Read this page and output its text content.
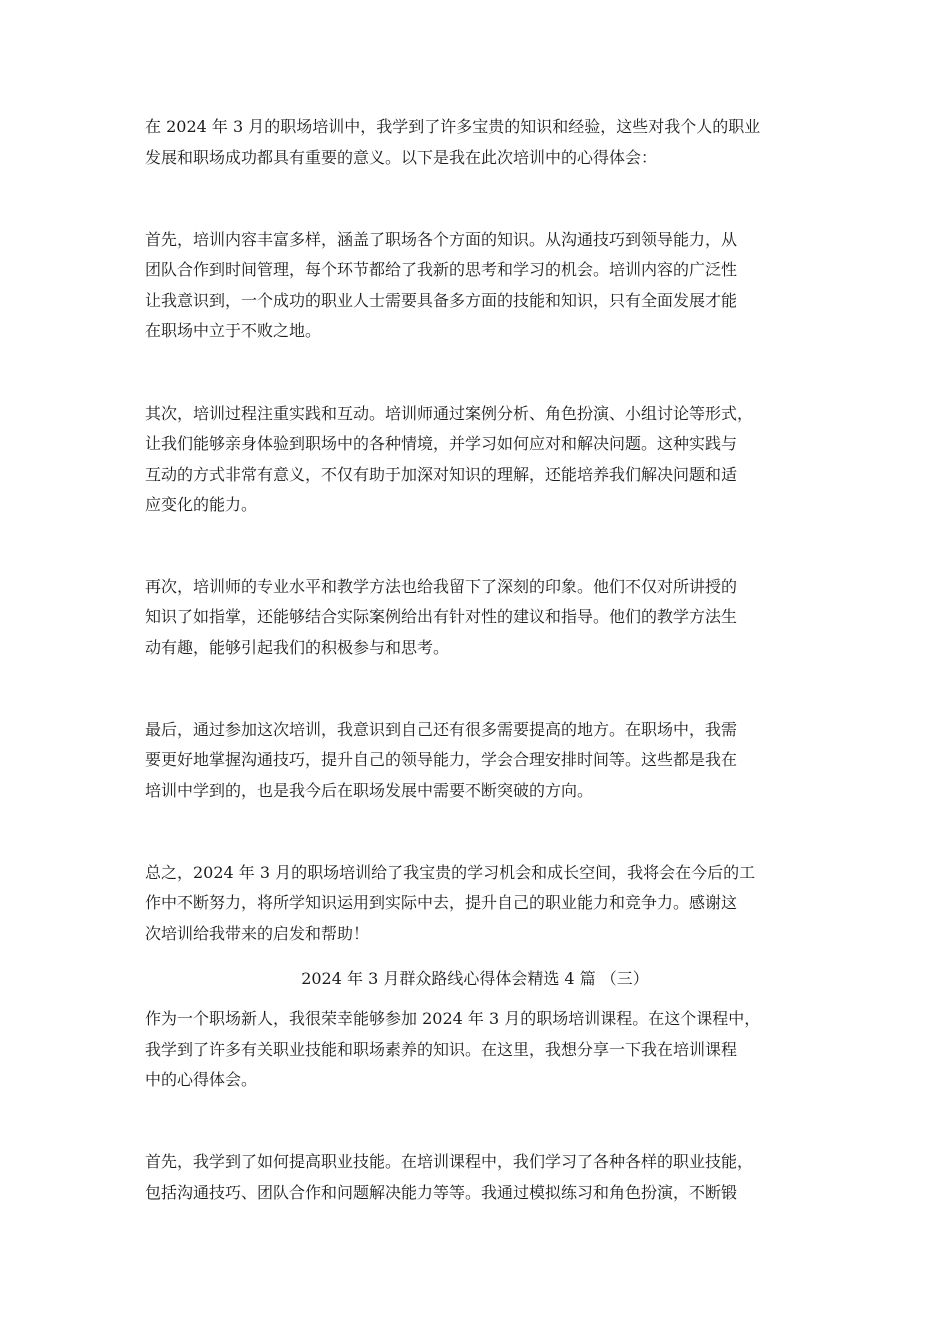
在 2024 年 3 月的职场培训中，我学到了许多宝贵的知识和经验，这些对我个人的职业

发展和职场成功都具有重要的意义。以下是我在此次培训中的心得体会：

首先，培训内容丰富多样，涵盖了职场各个方面的知识。从沟通技巧到领导能力，从

团队合作到时间管理，每个环节都给了我新的思考和学习的机会。培训内容的广泛性

让我意识到，一个成功的职业人士需要具备多方面的技能和知识，只有全面发展才能

在职场中立于不败之地。

其次，培训过程注重实践和互动。培训师通过案例分析、角色扮演、小组讨论等形式，

让我们能够亲身体验到职场中的各种情境，并学习如何应对和解决问题。这种实践与

互动的方式非常有意义，不仅有助于加深对知识的理解，还能培养我们解决问题和适

应变化的能力。

再次，培训师的专业水平和教学方法也给我留下了深刻的印象。他们不仅对所讲授的

知识了如指掌，还能够结合实际案例给出有针对性的建议和指导。他们的教学方法生

动有趣，能够引起我们的积极参与和思考。

最后，通过参加这次培训，我意识到自己还有很多需要提高的地方。在职场中，我需

要更好地掌握沟通技巧，提升自己的领导能力，学会合理安排时间等。这些都是我在

培训中学到的，也是我今后在职场发展中需要不断突破的方向。

总之，2024 年 3 月的职场培训给了我宝贵的学习机会和成长空间，我将会在今后的工

作中不断努力，将所学知识运用到实际中去，提升自己的职业能力和竞争力。感谢这

次培训给我带来的启发和帮助！

2024 年 3 月群众路线心得体会精选 4 篇 （三）

作为一个职场新人，我很荣幸能够参加 2024 年 3 月的职场培训课程。在这个课程中，

我学到了许多有关职业技能和职场素养的知识。在这里，我想分享一下我在培训课程

中的心得体会。

首先，我学到了如何提高职业技能。在培训课程中，我们学习了各种各样的职业技能，

包括沟通技巧、团队合作和问题解决能力等等。我通过模拟练习和角色扮演，不断锻
